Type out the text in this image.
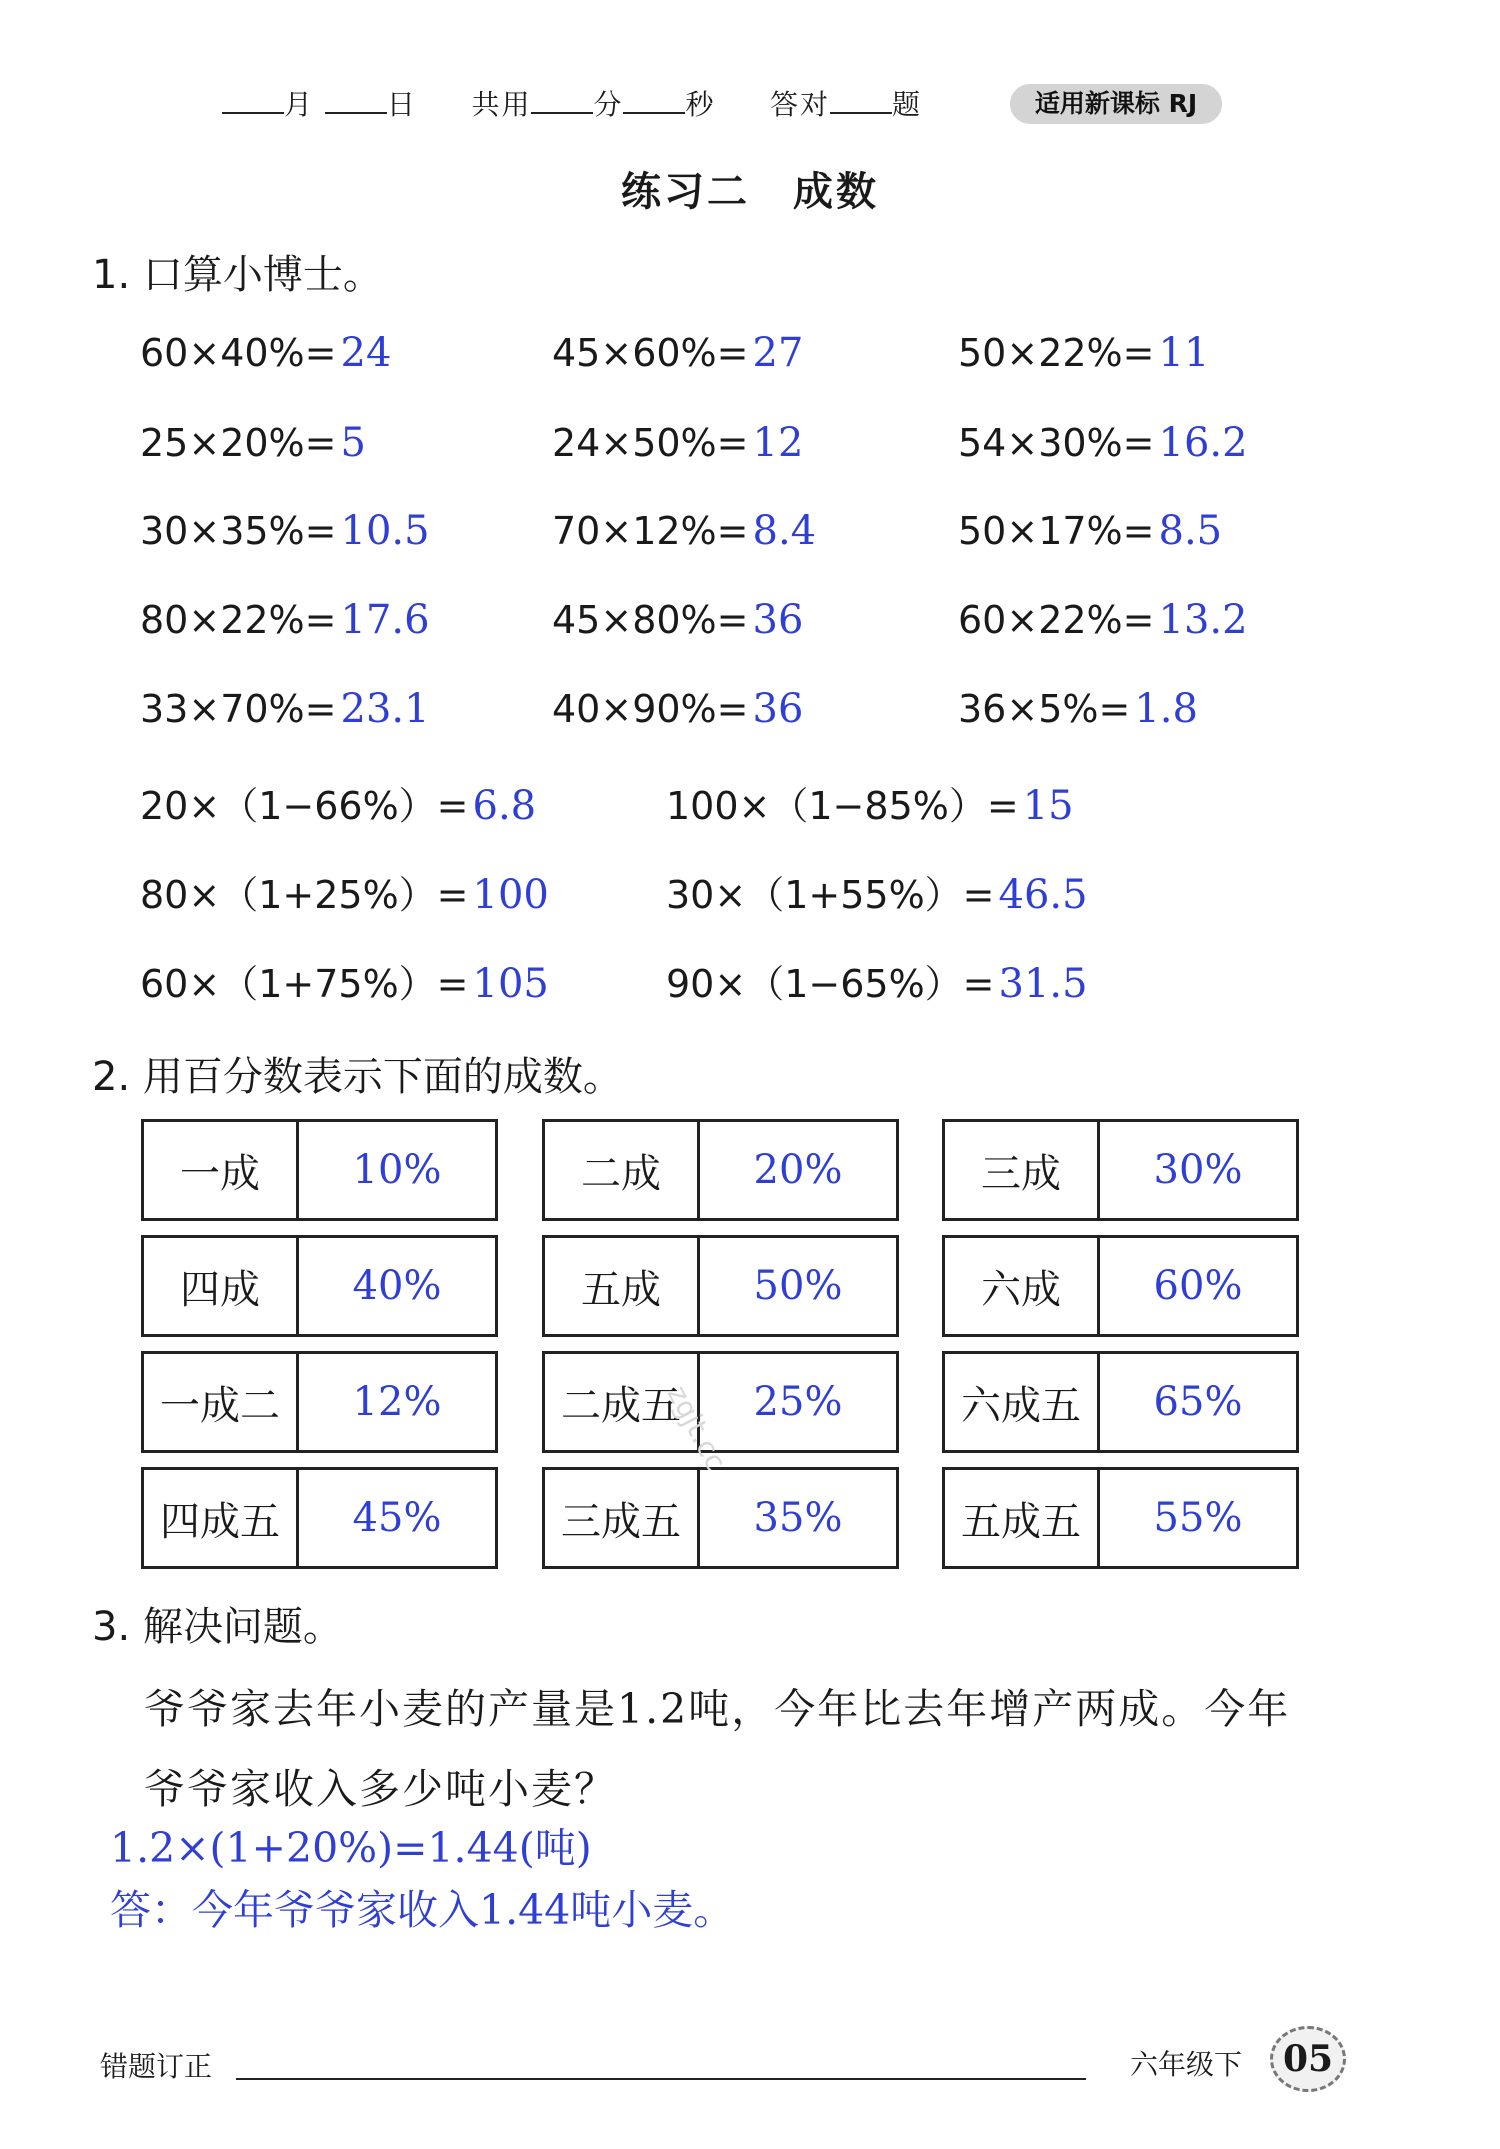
月	日 共用 分 秒 答对 题	适用新课标 RJ
练习二　成数
1. 口算小博士。
60×40%= 24	45×60%= 27	50×22%= 11
25×20%= 5	24×50%= 12	54×30%= 16.2
30×35%= 10.5	70×12%= 8.4	50×17%= 8.5
80×22%= 17.6	45×80%= 36	60×22%= 13.2
33×70%= 23.1	40×90%= 36	36×5%= 1.8
20×（1−66%）= 6.8	100×（1−85%）= 15
80×（1+25%）= 100	30×（1+55%）= 46.5
60×（1+75%）= 105	90×（1−65%）= 31.5
2. 用百分数表示下面的成数。
一成	10%	二成	20%	三成	30%
四成	40%	五成	50%	六成	60%
一成二	12%	二成五	25%	六成五	65%
四成五	45%	三成五	35%	五成五	55%
zgjt.cc
3. 解决问题。
爷爷家去年小麦的产量是1.2吨，今年比去年增产两成。今年
爷爷家收入多少吨小麦？
1.2×(1+20%)=1.44(吨)
答：今年爷爷家收入1.44吨小麦。
错题订正	六年级下	05
